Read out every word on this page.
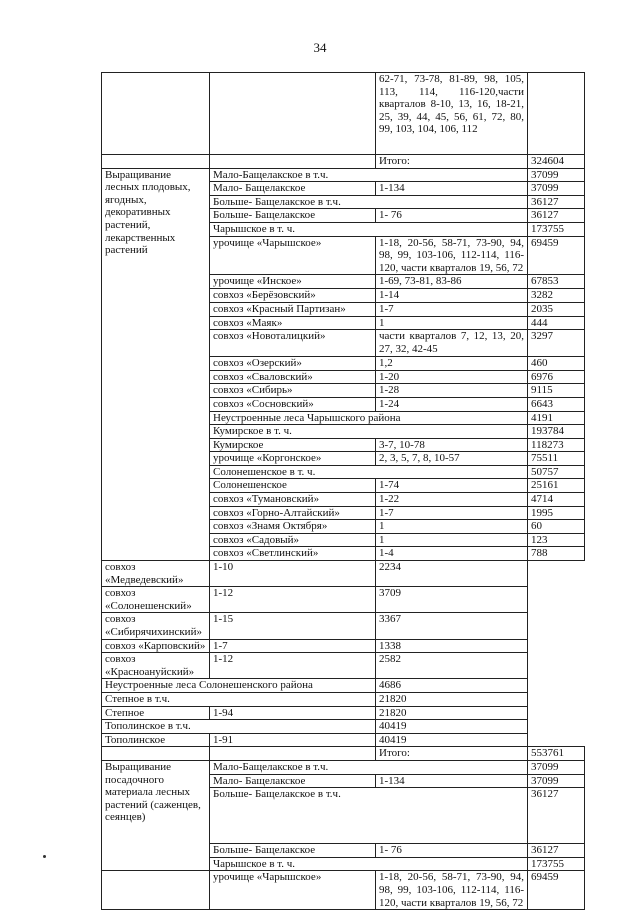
34
		62-71, 73-78, 81-89, 98, 105, 113, 114, 116-120,части кварталов 8-10, 13, 16, 18-21, 25, 39, 44, 45, 56, 61, 72, 80, 99, 103, 104, 106, 112	
		Итого:	324604
Выращивание лесных плодовых, ягодных, декоративных растений, лекарственных растений	Мало-Бащелакское в т.ч.		37099
	Мало- Бащелакское	1-134	37099
	Больше- Бащелакское в т.ч.		36127
	Больше- Бащелакское	1- 76	36127
	Чарышское в т. ч.		173755
	урочище «Чарышское»	1-18, 20-56, 58-71, 73-90, 94, 98, 99, 103-106, 112-114, 116-120, части кварталов 19, 56, 72	69459
	урочище «Инское»	1-69, 73-81, 83-86	67853
	совхоз «Берёзовский»	1-14	3282
	совхоз «Красный Партизан»	1-7	2035
	совхоз «Маяк»	1	444
	совхоз «Новоталицкий»	части кварталов 7, 12, 13, 20, 27, 32, 42-45	3297
	совхоз «Озерский»	1,2	460
	совхоз «Сваловский»	1-20	6976
	совхоз «Сибирь»	1-28	9115
	совхоз «Сосновский»	1-24	6643
	Неустроенные леса Чарышского района		4191
	Кумирское в т. ч.		193784
	Кумирское	3-7, 10-78	118273
	урочище «Коргонское»	2, 3, 5, 7, 8, 10-57	75511
	Солонешенское в т. ч.		50757
	Солонешенское	1-74	25161
	совхоз «Тумановский»	1-22	4714
	совхоз «Горно-Алтайский»	1-7	1995
	совхоз «Знамя Октября»	1	60
	совхоз «Садовый»	1	123
	совхоз «Светлинский»	1-4	788
совхоз «Медведевский»	1-10	2234	
совхоз «Солонешенский»	1-12	3709	
совхоз «Сибирячихинский»	1-15	3367	
совхоз «Карповский»	1-7	1338	
совхоз «Красноануйский»	1-12	2582	
Неустроенные леса Солонешенского района		4686	
Степное в т.ч.		21820	
Степное	1-94	21820	
Тополинское в т.ч.		40419	
Тополинское	1-91	40419	
		Итого:	553761
Выращивание посадочного материала лесных растений (саженцев, сеянцев)	Мало-Бащелакское в т.ч.		37099
	Мало- Бащелакское	1-134	37099
	Больше- Бащелакское в т.ч.		36127
	Больше- Бащелакское	1- 76	36127
	Чарышское в т. ч.		173755
	урочище «Чарышское»	1-18, 20-56, 58-71, 73-90, 94, 98, 99, 103-106, 112-114, 116-120, части кварталов 19, 56, 72	69459
